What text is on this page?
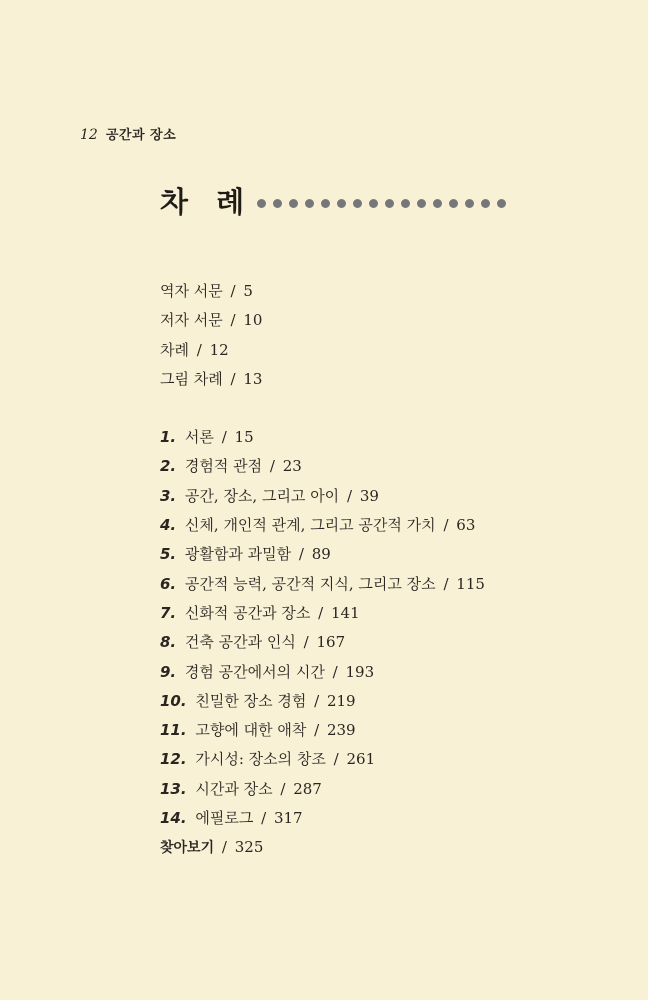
12 공간과 장소
차 례
역자 서문 / 5
저자 서문 / 10
차례 / 12
그림 차례 / 13
1. 서론 / 15
2. 경험적 관점 / 23
3. 공간, 장소, 그리고 아이 / 39
4. 신체, 개인적 관계, 그리고 공간적 가치 / 63
5. 광활함과 과밀함 / 89
6. 공간적 능력, 공간적 지식, 그리고 장소 / 115
7. 신화적 공간과 장소 / 141
8. 건축 공간과 인식 / 167
9. 경험 공간에서의 시간 / 193
10. 친밀한 장소 경험 / 219
11. 고향에 대한 애착 / 239
12. 가시성: 장소의 창조 / 261
13. 시간과 장소 / 287
14. 에필로그 / 317
찾아보기 / 325
